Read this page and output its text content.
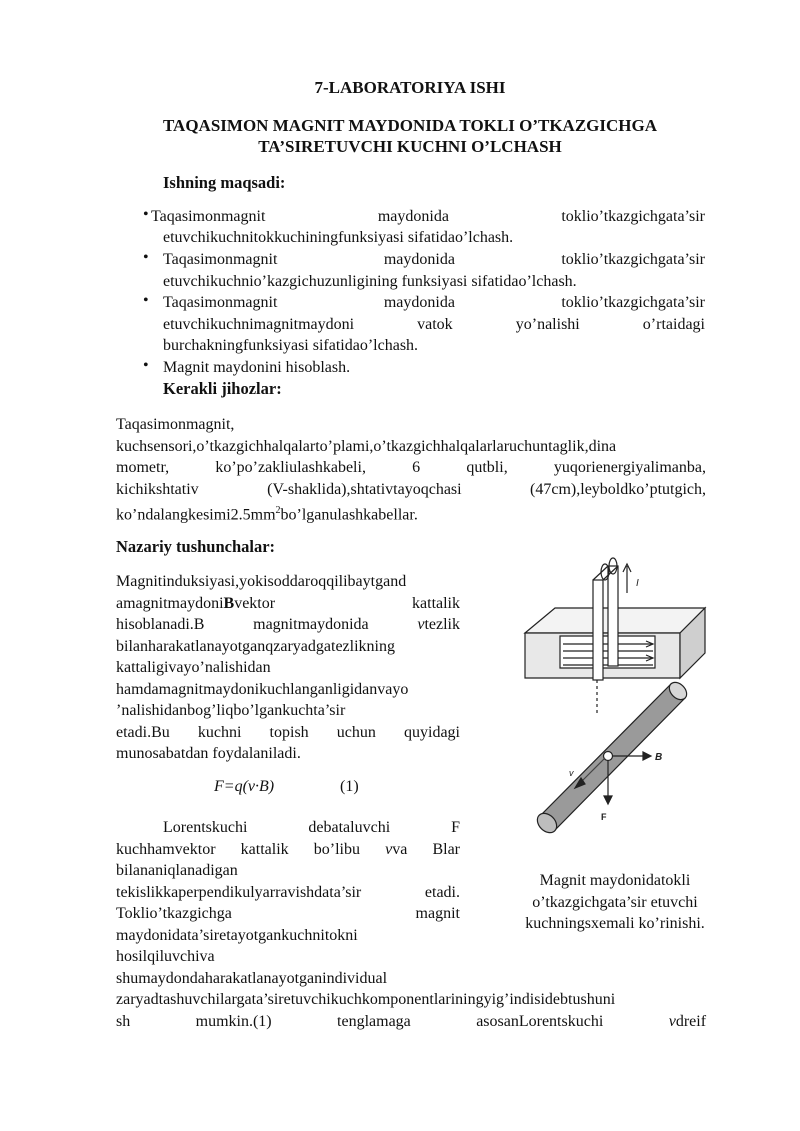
7-LABORATORIYA ISHI
TAQASIMON MAGNIT MAYDONIDA TOKLI O’TKAZGICHGA
TA’SIRETUVCHI KUCHNI O’LCHASH
Ishning maqsadi:
• Taqasimonmagnit maydonida toklio’tkazgichgata’sir
etuvchikuchnitokkuchiningfunksiyasi sifatidao’lchash.
• Taqasimonmagnit maydonida toklio’tkazgichgata’sir
etuvchikuchnio’kazgichuzunligining funksiyasi sifatidao’lchash.
• Taqasimonmagnit maydonida toklio’tkazgichgata’sir
etuvchikuchnimagnitmaydoni vatok yo’nalishi o’rtaidagi
burchakningfunksiyasi sifatidao’lchash.
• Magnit maydonini hisoblash.
Kerakli jihozlar:
Taqasimonmagnit,
kuchsensori,o’tkazgichhalqalarto’plami,o’tkazgichhalqalarlaruchuntaglik,dina
mometr, ko’po’zakliulashkabeli, 6 qutbli, yuqorienergiyalimanba,
kichikshtativ (V-shaklida),shtativtayoqchasi (47cm),leyboldko’ptutgich,
$ko’ndalangkesimi2.5mm^2bo’lganulashkabellar$.
Nazariy tushunchalar:
Magnitinduksiyasi,yokisoddaroqqilibaytgand
amagnitmaydoniBvektor	kattalik
hisoblanadi.B magnitmaydonida	vtezlik
bilanharakatlanayotganqzaryadgatezlikning
kattaligivayo’nalishidan
hamdamagnitmaydonikuchlanganligidanvayo
’nalishidanbog’liqbo’lgankuchta’sir
etadi.Bu kuchni topish uchun quyidagi
munosabatdan foydalaniladi.
F=q(v·B)	(1)
Lorentskuchi debataluvchi F
kuchhamvektor kattalik bo’libu vva Blar
bilananiqlanadigan
tekislikkaperpendikulyarravishdata’sir etadi.
Toklio’tkazgichga magnit
maydonidata’siretayotgankuchnitokni
hosilqiluvchiva
shumaydondaharakatlanayotganindividual
zaryadtashuvchilargata’siretuvchikuchkomponentlariningyig’indisidebtushuni
sh mumkin.(1) tenglamaga asosanLorentskuchi	vdreif
I
v
B
F
Magnit maydonidatokli
o’tkazgichgata’sir etuvchi
kuchningsxemali ko’rinishi.
